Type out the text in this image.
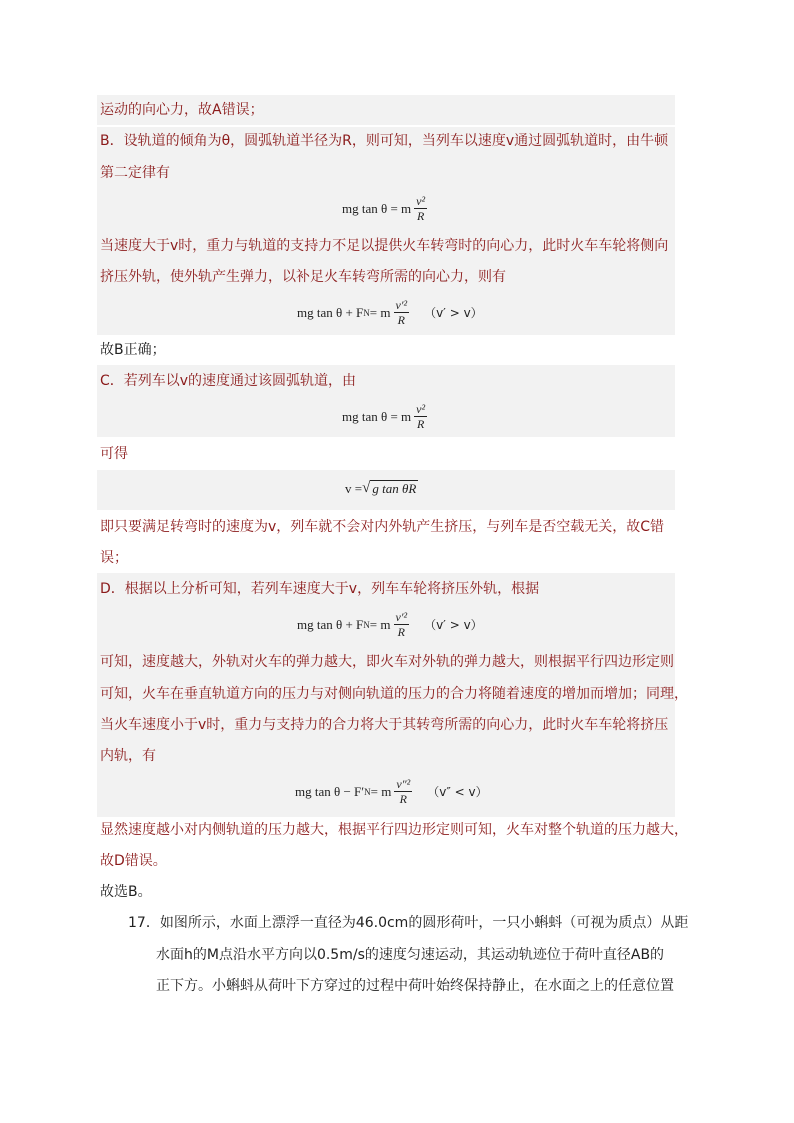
运动的向心力，故A错误；
B．设轨道的倾角为θ，圆弧轨道半径为R，则可知，当列车以速度v通过圆弧轨道时，由牛顿
第二定律有
mg tan θ = m $\frac{\text{v²}}{R}$
当速度大于v时，重力与轨道的支持力不足以提供火车转弯时的向心力，此时火车车轮将侧向
挤压外轨，使外轨产生弹力，以补足火车转弯所需的向心力，则有
mg tan θ + F N = m $\frac{\text{v′²}}{R} (v' > v)$
故B正确；
C．若列车以v的速度通过该圆弧轨道，由
mg tan θ = m $\frac{\text{v²}}{R}$
可得
v = √ g tan θR
即只要满足转弯时的速度为v，列车就不会对内外轨产生挤压，与列车是否空载无关，故C错
误；
D．根据以上分析可知，若列车速度大于v，列车车轮将挤压外轨，根据
mg tan θ + F N = m $\frac{\text{v′²}}{R} (v' > v)$
可知，速度越大，外轨对火车的弹力越大，即火车对外轨的弹力越大，则根据平行四边形定则
可知，火车在垂直轨道方向的压力与对侧向轨道的压力的合力将随着速度的增加而增加；同理，
当火车速度小于v时，重力与支持力的合力将大于其转弯所需的向心力，此时火车车轮将挤压
内轨，有
mg tan θ − F′ N = m $\frac{\text{v″²}}{R} (v'' < v)$
显然速度越小对内侧轨道的压力越大，根据平行四边形定则可知，火车对整个轨道的压力越大，
故D错误。
故选B。
17．如图所示，水面上漂浮一直径为46.0cm的圆形荷叶，一只小蝌蚪（可视为质点）从距
水面h的M点沿水平方向以0.5m/s的速度匀速运动，其运动轨迹位于荷叶直径AB的
正下方。小蝌蚪从荷叶下方穿过的过程中荷叶始终保持静止，在水面之上的任意位置
